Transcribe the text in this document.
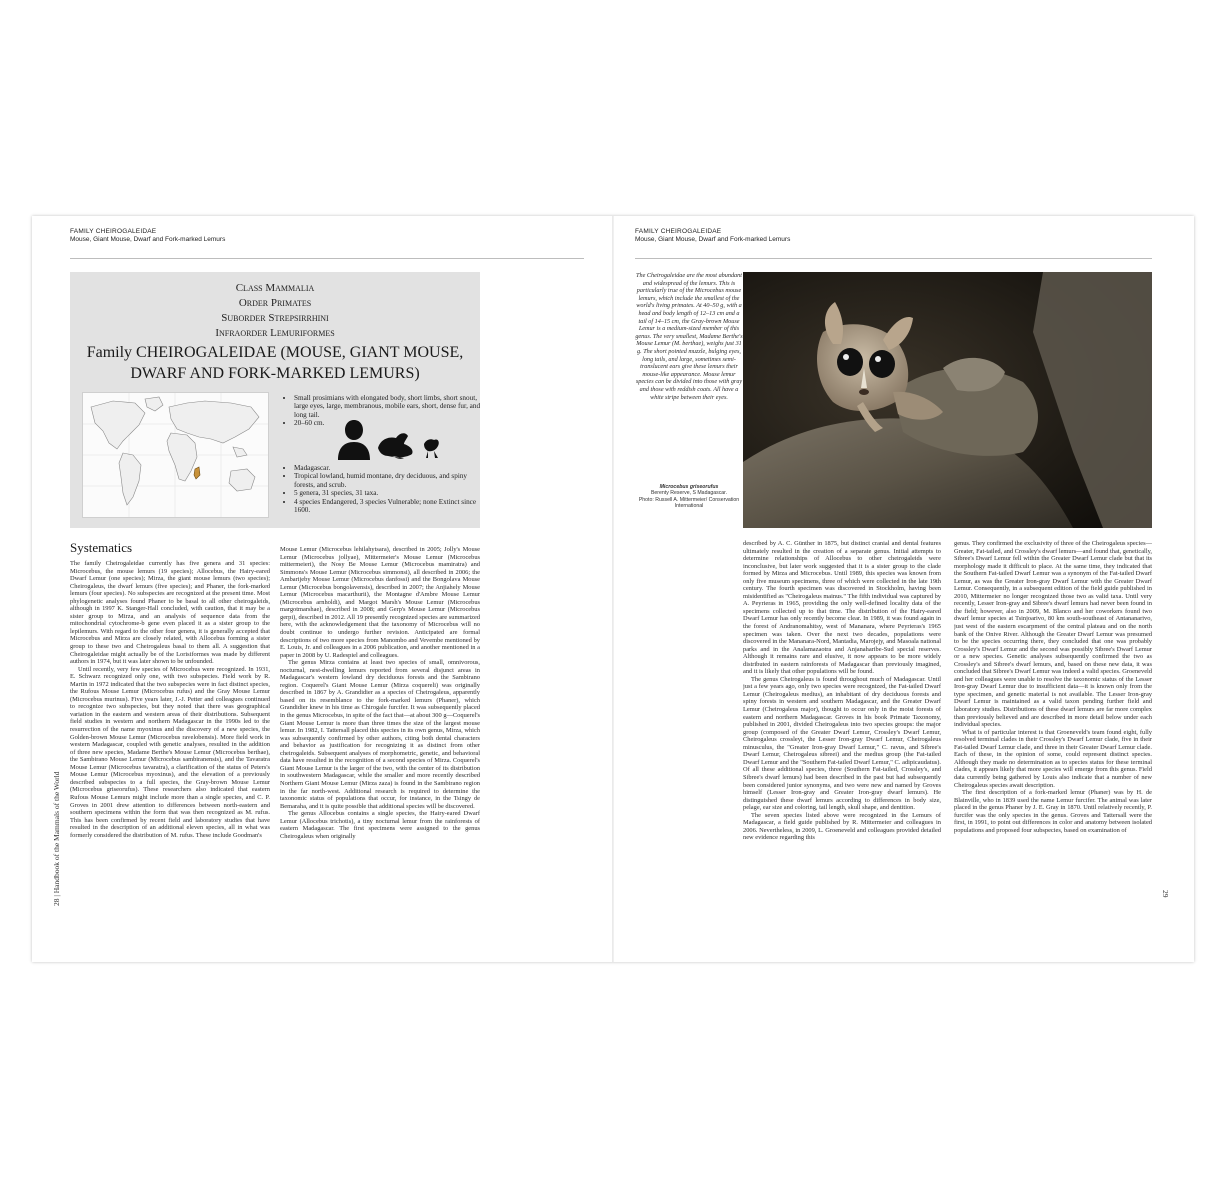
FAMILY CHEIROGALEIDAE
Mouse, Giant Mouse, Dwarf and Fork-marked Lemurs
Class Mammalia
Order Primates
Suborder Strepsirrhini
Infraorder Lemuriformes
Family CHEIROGALEIDAE (MOUSE, GIANT MOUSE,
DWARF AND FORK-MARKED LEMURS)
• Small prosimians with elongated body, short limbs, short snout, large eyes, large, membranous, mobile ears, short, dense fur, and long tail.
• 20–60 cm.
• Madagascar.
• Tropical lowland, humid montane, dry deciduous, and spiny forests, and scrub.
• 5 genera, 31 species, 31 taxa.
• 4 species Endangered, 3 species Vulnerable; none Extinct since 1600.
Systematics

The family Cheirogaleidae currently has five genera and 31 species: Microcebus, the mouse lemurs (19 species); Allocebus, the Hairy-eared Dwarf Lemur (one species); Mirza, the giant mouse lemurs (two species); Cheirogaleus, the dwarf lemurs (five species); and Phaner, the fork-marked lemurs (four species). No subspecies are recognized at the present time. Most phylogenetic analyses found Phaner to be basal to all other cheirogaleids, although in 1997 K. Stanger-Hall concluded, with caution, that it may be a sister group to Mirza, and an analysis of sequence data from the mitochondrial cytochrome-b gene even placed it as a sister group to the lepilemurs. With regard to the other four genera, it is generally accepted that Microcebus and Mirza are closely related, with Allocebus forming a sister group to these two and Cheirogaleus basal to them all. A suggestion that Cheirogaleidae might actually be of the Lorisiformes was made by different authors in 1974, but it was later shown to be unfounded.

Until recently, very few species of Microcebus were recognized. In 1931, E. Schwarz recognized only one, with two subspecies. Field work by R. Martin in 1972 indicated that the two subspecies were in fact distinct species, the Rufous Mouse Lemur (Microcebus rufus) and the Gray Mouse Lemur (Microcebus murinus). Five years later, J.-J. Petter and colleagues continued to recognize two subspecies, but they noted that there was geographical variation in the eastern and western areas of their distributions. Subsequent field studies in western and northern Madagascar in the 1990s led to the resurrection of the name myoxinus and the discovery of a new species, the Golden-brown Mouse Lemur (Microcebus ravelobensis). More field work in western Madagascar, coupled with genetic analyses, resulted in the addition of three new species, Madame Berthe's Mouse Lemur (Microcebus berthae), the Sambirano Mouse Lemur (Microcebus sambiranensis), and the Tavaratra Mouse Lemur (Microcebus tavaratra), a clarification of the status of Peters's Mouse Lemur (Microcebus myoxinus), and the elevation of a previously described subspecies to a full species, the Gray-brown Mouse Lemur (Microcebus griseorufus). These researchers also indicated that eastern Rufous Mouse Lemurs might include more than a single species, and C. P. Groves in 2001 drew attention to differences between north-eastern and southern specimens within the form that was then recognized as M. rufus. This has been confirmed by recent field and laboratory studies that have resulted in the description of an additional eleven species, all in what was formerly considered the distribution of M. rufus. These include Goodman's

Mouse Lemur (Microcebus lehilahytsara), described in 2005; Jolly's Mouse Lemur (Microcebus jollyae), Mittermeier's Mouse Lemur (Microcebus mittermeieri), the Nosy Be Mouse Lemur (Microcebus mamiratra) and Simmons's Mouse Lemur (Microcebus simmonsi), all described in 2006; the Ambarijeby Mouse Lemur (Microcebus danfossi) and the Bongolava Mouse Lemur (Microcebus bongolavensis), described in 2007; the Anjiahely Mouse Lemur (Microcebus macarthurii), the Montagne d'Ambre Mouse Lemur (Microcebus arnholdi), and Margot Marsh's Mouse Lemur (Microcebus margotmarshae), described in 2008; and Gerp's Mouse Lemur (Microcebus gerpi), described in 2012. All 19 presently recognized species are summarized here, with the acknowledgement that the taxonomy of Microcebus will no doubt continue to undergo further revision. Anticipated are formal descriptions of two more species from Manombo and Vevembe mentioned by E. Louis, Jr. and colleagues in a 2006 publication, and another mentioned in a paper in 2008 by U. Radespiel and colleagues.

The genus Mirza contains at least two species of small, omnivorous, nocturnal, nest-dwelling lemurs reported from several disjunct areas in Madagascar's western lowland dry deciduous forests and the Sambirano region. Coquerel's Giant Mouse Lemur (Mirza coquereli) was originally described in 1867 by A. Grandidier as a species of Cheirogaleus, apparently based on its resemblance to the fork-marked lemurs (Phaner), which Grandidier knew in his time as Chirogale furcifer. It was subsequently placed in the genus Microcebus, in spite of the fact that—at about 300 g—Coquerel's Giant Mouse Lemur is more than three times the size of the largest mouse lemur. In 1982, I. Tattersall placed this species in its own genus, Mirza, which was subsequently confirmed by other authors, citing both dental characters and behavior as justification for recognizing it as distinct from other cheirogaleids. Subsequent analyses of morphometric, genetic, and behavioral data have resulted in the recognition of a second species of Mirza. Coquerel's Giant Mouse Lemur is the larger of the two, with the center of its distribution in southwestern Madagascar, while the smaller and more recently described Northern Giant Mouse Lemur (Mirza zaza) is found in the Sambirano region in the far north-west. Additional research is required to determine the taxonomic status of populations that occur, for instance, in the Tsingy de Bemaraha, and it is quite possible that additional species will be discovered.

The genus Allocebus contains a single species, the Hairy-eared Dwarf Lemur (Allocebus trichotis), a tiny nocturnal lemur from the rainforests of eastern Madagascar. The first specimens were assigned to the genus Cheirogaleus when originally

28 | Handbook of the Mammals of the World
FAMILY CHEIROGALEIDAE
Mouse, Giant Mouse, Dwarf and Fork-marked Lemurs
The Cheirogaleidae are the most abundant and widespread of the lemurs. This is particularly true of the Microcebus mouse lemurs, which include the smallest of the world's living primates. At 40–50 g, with a head and body length of 12–13 cm and a tail of 14–15 cm, the Gray-brown Mouse Lemur is a medium-sized member of this genus. The very smallest, Madame Berthe's Mouse Lemur (M. berthae), weighs just 31 g. The short pointed muzzle, bulging eyes, long tails, and large, sometimes semi-translucent ears give these lemurs their mouse-like appearance. Mouse lemur species can be divided into those with gray and those with reddish coats. All have a white stripe between their eyes.
Microcebus griseorufus
Berenty Reserve, S Madagascar.
Photo: Russell A. Mittermeier/ Conservation International

described by A. C. Günther in 1875, but distinct cranial and dental features ultimately resulted in the creation of a separate genus. Initial attempts to determine relationships of Allocebus to other cheirogaleids were inconclusive, but later work suggested that it is a sister group to the clade formed by Mirza and Microcebus. Until 1989, this species was known from only five museum specimens, three of which were collected in the late 19th century. The fourth specimen was discovered in Stockholm, having been misidentified as "Cheirogaleus mainus." The fifth individual was captured by A. Peyrieras in 1965, providing the only well-defined locality data of the specimens collected up to that time. The distribution of the Hairy-eared Dwarf Lemur has only recently become clear. In 1989, it was found again in the forest of Andranomahitsy, west of Mananara, where Peyrieras's 1965 specimen was taken. Over the next two decades, populations were discovered in the Mananara-Nord, Mantadia, Marojejy, and Masoala national parks and in the Analamazaotra and Anjanaharibe-Sud special reserves. Although it remains rare and elusive, it now appears to be more widely distributed in eastern rainforests of Madagascar than previously imagined, and it is likely that other populations will be found.

The genus Cheirogaleus is found throughout much of Madagascar. Until just a few years ago, only two species were recognized, the Fat-tailed Dwarf Lemur (Cheirogaleus medius), an inhabitant of dry deciduous forests and spiny forests in western and southern Madagascar, and the Greater Dwarf Lemur (Cheirogaleus major), thought to occur only in the moist forests of eastern and northern Madagascar. Groves in his book Primate Taxonomy, published in 2001, divided Cheirogaleus into two species groups: the major group (composed of the Greater Dwarf Lemur, Crossley's Dwarf Lemur, Cheirogaleus crossleyi, the Lesser Iron-gray Dwarf Lemur, Cheirogaleus minusculus, the "Greater Iron-gray Dwarf Lemur," C. ravus, and Sibree's Dwarf Lemur, Cheirogaleus sibreei) and the medius group (the Fat-tailed Dwarf Lemur and the "Southern Fat-tailed Dwarf Lemur," C. adipicaudatus). Of all these additional species, three (Southern Fat-tailed, Crossley's, and Sibree's dwarf lemurs) had been described in the past but had subsequently been considered junior synonyms, and two were new and named by Groves himself (Lesser Iron-gray and Greater Iron-gray dwarf lemurs). He distinguished these dwarf lemurs according to differences in body size, pelage, ear size and coloring, tail length, skull shape, and dentition.

The seven species listed above were recognized in the Lemurs of Madagascar, a field guide published by R. Mittermeier and colleagues in 2006. Nevertheless, in 2009, L. Groeneveld and colleagues provided detailed new evidence regarding this

genus. They confirmed the exclusivity of three of the Cheirogaleus species—Greater, Fat-tailed, and Crossley's dwarf lemurs—and found that, genetically, Sibree's Dwarf Lemur fell within the Greater Dwarf Lemur clade but that its morphology made it difficult to place. At the same time, they indicated that the Southern Fat-tailed Dwarf Lemur was a synonym of the Fat-tailed Dwarf Lemur, as was the Greater Iron-gray Dwarf Lemur with the Greater Dwarf Lemur. Consequently, in a subsequent edition of the field guide published in 2010, Mittermeier no longer recognized those two as valid taxa. Until very recently, Lesser Iron-gray and Sibree's dwarf lemurs had never been found in the field; however, also in 2009, M. Blanco and her coworkers found two dwarf lemur species at Tsinjoarivo, 80 km south-southeast of Antananarivo, just west of the eastern escarpment of the central plateau and on the north bank of the Onive River. Although the Greater Dwarf Lemur was presumed to be the species occurring there, they concluded that one was probably Crossley's Dwarf Lemur and the second was possibly Sibree's Dwarf Lemur or a new species. Genetic analyses subsequently confirmed the two as Crossley's and Sibree's dwarf lemurs, and, based on these new data, it was concluded that Sibree's Dwarf Lemur was indeed a valid species. Groeneveld and her colleagues were unable to resolve the taxonomic status of the Lesser Iron-gray Dwarf Lemur due to insufficient data—it is known only from the type specimen, and genetic material is not available. The Lesser Iron-gray Dwarf Lemur is maintained as a valid taxon pending further field and laboratory studies. Distributions of these dwarf lemurs are far more complex than previously believed and are described in more detail below under each individual species.

What is of particular interest is that Groeneveld's team found eight, fully resolved terminal clades in their Crossley's Dwarf Lemur clade, five in their Fat-tailed Dwarf Lemur clade, and three in their Greater Dwarf Lemur clade. Each of these, in the opinion of some, could represent distinct species. Although they made no determination as to species status for these terminal clades, it appears likely that more species will emerge from this genus. Field data currently being gathered by Louis also indicate that a number of new Cheirogaleus species await description.

The first description of a fork-marked lemur (Phaner) was by H. de Blainville, who in 1839 used the name Lemur furcifer. The animal was later placed in the genus Phaner by J. E. Gray in 1870. Until relatively recently, P. furcifer was the only species in the genus. Groves and Tattersall were the first, in 1991, to point out differences in color and anatomy between isolated populations and proposed four subspecies, based on examination of

29
